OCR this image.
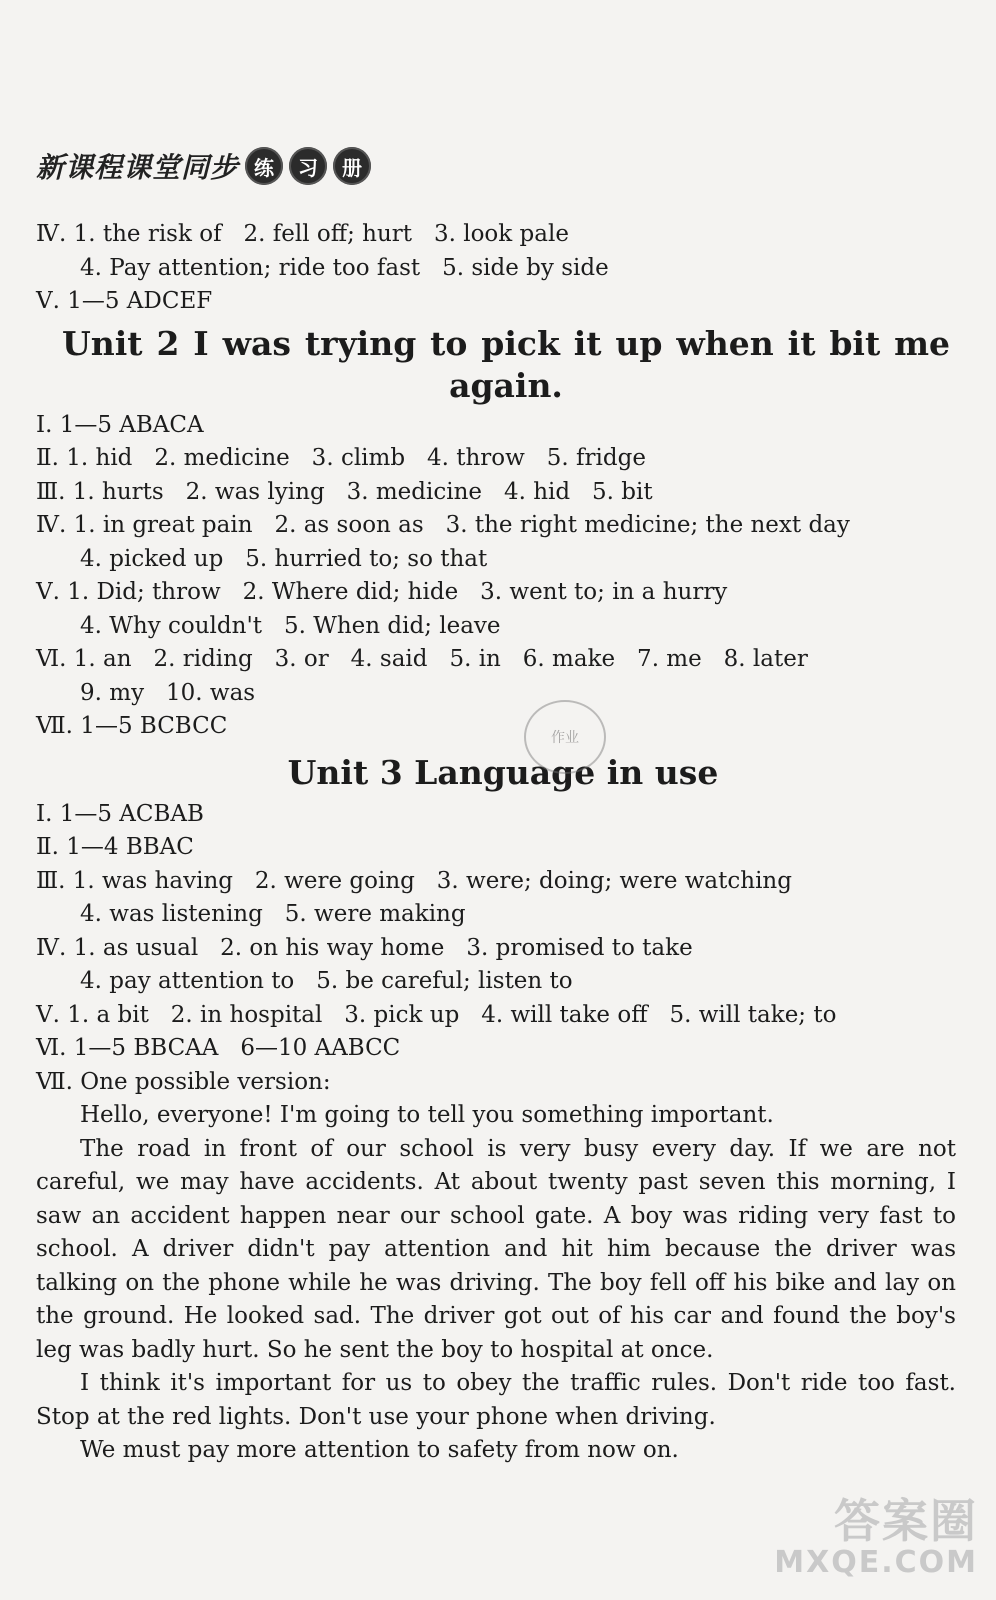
新课程课堂同步 练	习	册
Ⅳ. 1. the risk of   2. fell off; hurt   3. look pale
4. Pay attention; ride too fast   5. side by side
Ⅴ. 1—5 ADCEF
Unit 2 I was trying to pick it up when it bit me again.
Ⅰ. 1—5 ABACA
Ⅱ. 1. hid   2. medicine   3. climb   4. throw   5. fridge
Ⅲ. 1. hurts   2. was lying   3. medicine   4. hid   5. bit
Ⅳ. 1. in great pain   2. as soon as   3. the right medicine; the next day
4. picked up   5. hurried to; so that
Ⅴ. 1. Did; throw   2. Where did; hide   3. went to; in a hurry
4. Why couldn't   5. When did; leave
Ⅵ. 1. an   2. riding   3. or   4. said   5. in   6. make   7. me   8. later
9. my   10. was
Ⅶ. 1—5 BCBCC
Unit 3 Language in use
Ⅰ. 1—5 ACBAB
Ⅱ. 1—4 BBAC
Ⅲ. 1. was having   2. were going   3. were; doing; were watching
4. was listening   5. were making
Ⅳ. 1. as usual   2. on his way home   3. promised to take
4. pay attention to   5. be careful; listen to
Ⅴ. 1. a bit   2. in hospital   3. pick up   4. will take off   5. will take; to
Ⅵ. 1—5 BBCAA   6—10 AABCC
Ⅶ. One possible version:
Hello, everyone! I'm going to tell you something important.
The road in front of our school is very busy every day. If we are not careful, we may have accidents. At about twenty past seven this morning, I saw an accident happen near our school gate. A boy was riding very fast to school. A driver didn't pay attention and hit him because the driver was talking on the phone while he was driving. The boy fell off his bike and lay on the ground. He looked sad. The driver got out of his car and found the boy's leg was badly hurt. So he sent the boy to hospital at once.
I think it's important for us to obey the traffic rules. Don't ride too fast. Stop at the red lights. Don't use your phone when driving.
We must pay more attention to safety from now on.
作业
答案圈
MXQE.COM
